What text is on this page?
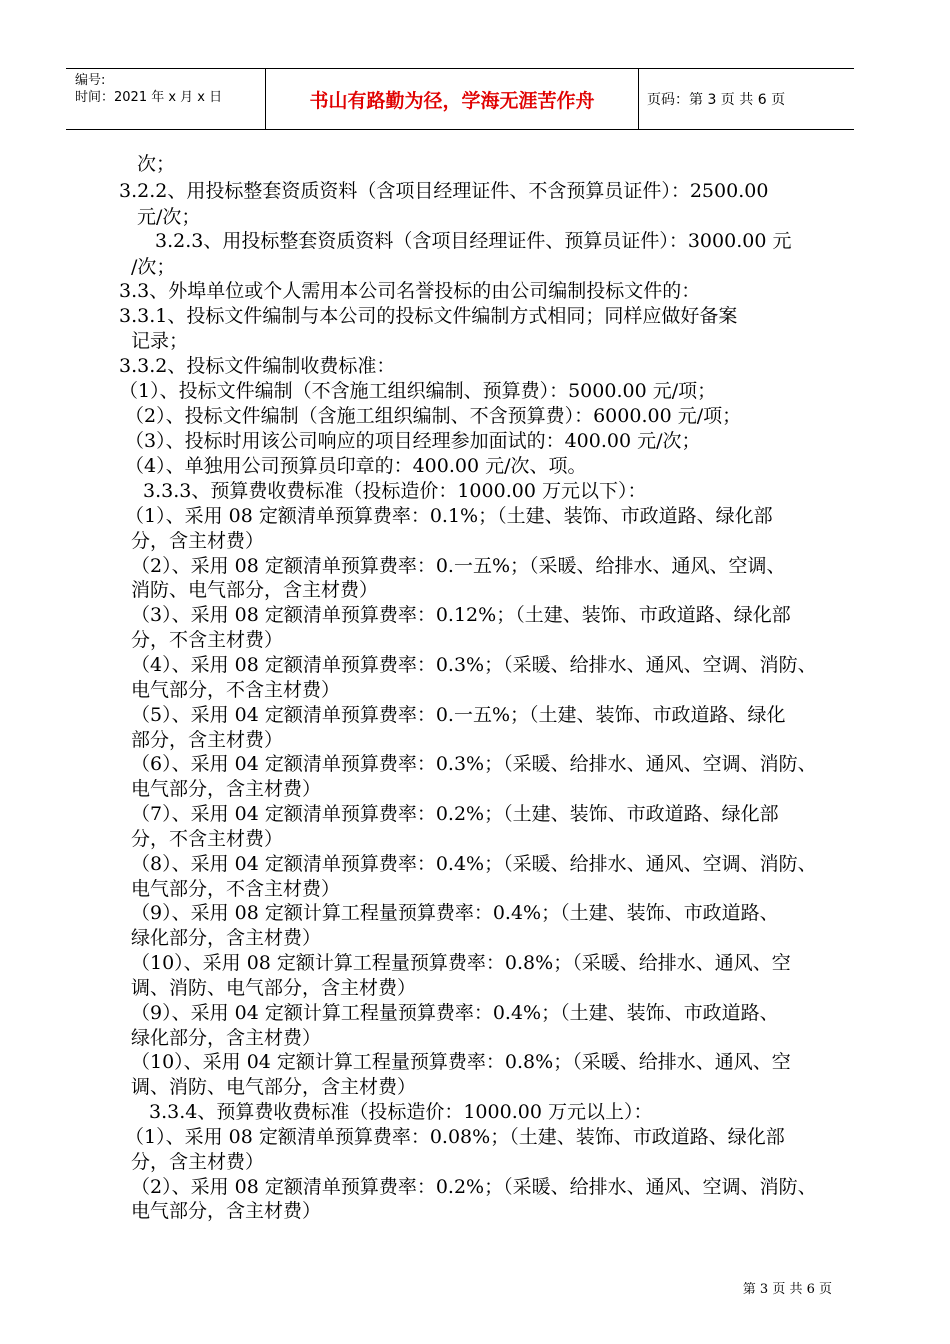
编号:
时间：2021 年 x 月 x 日	书山有路勤为径，学海无涯苦作舟	页码：第 3 页 共 6 页
次；
3.2.2、用投标整套资质资料（含项目经理证件、不含预算员证件）：2500.00
元/次；
3.2.3、用投标整套资质资料（含项目经理证件、预算员证件）：3000.00 元
/次；
3.3、外埠单位或个人需用本公司名誉投标的由公司编制投标文件的：
3.3.1、投标文件编制与本公司的投标文件编制方式相同；同样应做好备案
记录；
3.3.2、投标文件编制收费标准：
（1）、投标文件编制（不含施工组织编制、预算费）：5000.00 元/项；
（2）、投标文件编制（含施工组织编制、不含预算费）：6000.00 元/项；
（3）、投标时用该公司响应的项目经理参加面试的：400.00 元/次；
（4）、单独用公司预算员印章的：400.00 元/次、项。
3.3.3、预算费收费标准（投标造价：1000.00 万元以下）：
（1）、采用 08 定额清单预算费率：0.1%；（土建、装饰、市政道路、绿化部
分，含主材费）
（2）、采用 08 定额清单预算费率：0.一五%；（采暖、给排水、通风、空调、
消防、电气部分，含主材费）
（3）、采用 08 定额清单预算费率：0.12%；（土建、装饰、市政道路、绿化部
分，不含主材费）
（4）、采用 08 定额清单预算费率：0.3%；（采暖、给排水、通风、空调、消防、
电气部分，不含主材费）
（5）、采用 04 定额清单预算费率：0.一五%；（土建、装饰、市政道路、绿化
部分，含主材费）
（6）、采用 04 定额清单预算费率：0.3%；（采暖、给排水、通风、空调、消防、
电气部分，含主材费）
（7）、采用 04 定额清单预算费率：0.2%；（土建、装饰、市政道路、绿化部
分，不含主材费）
（8）、采用 04 定额清单预算费率：0.4%；（采暖、给排水、通风、空调、消防、
电气部分，不含主材费）
（9）、采用 08 定额计算工程量预算费率：0.4%；（土建、装饰、市政道路、
绿化部分，含主材费）
（10）、采用 08 定额计算工程量预算费率：0.8%；（采暖、给排水、通风、空
调、消防、电气部分，含主材费）
（9）、采用 04 定额计算工程量预算费率：0.4%；（土建、装饰、市政道路、
绿化部分，含主材费）
（10）、采用 04 定额计算工程量预算费率：0.8%；（采暖、给排水、通风、空
调、消防、电气部分，含主材费）
3.3.4、预算费收费标准（投标造价：1000.00 万元以上）：
（1）、采用 08 定额清单预算费率：0.08%；（土建、装饰、市政道路、绿化部
分，含主材费）
（2）、采用 08 定额清单预算费率：0.2%；（采暖、给排水、通风、空调、消防、
电气部分，含主材费）
第 3 页 共 6 页
